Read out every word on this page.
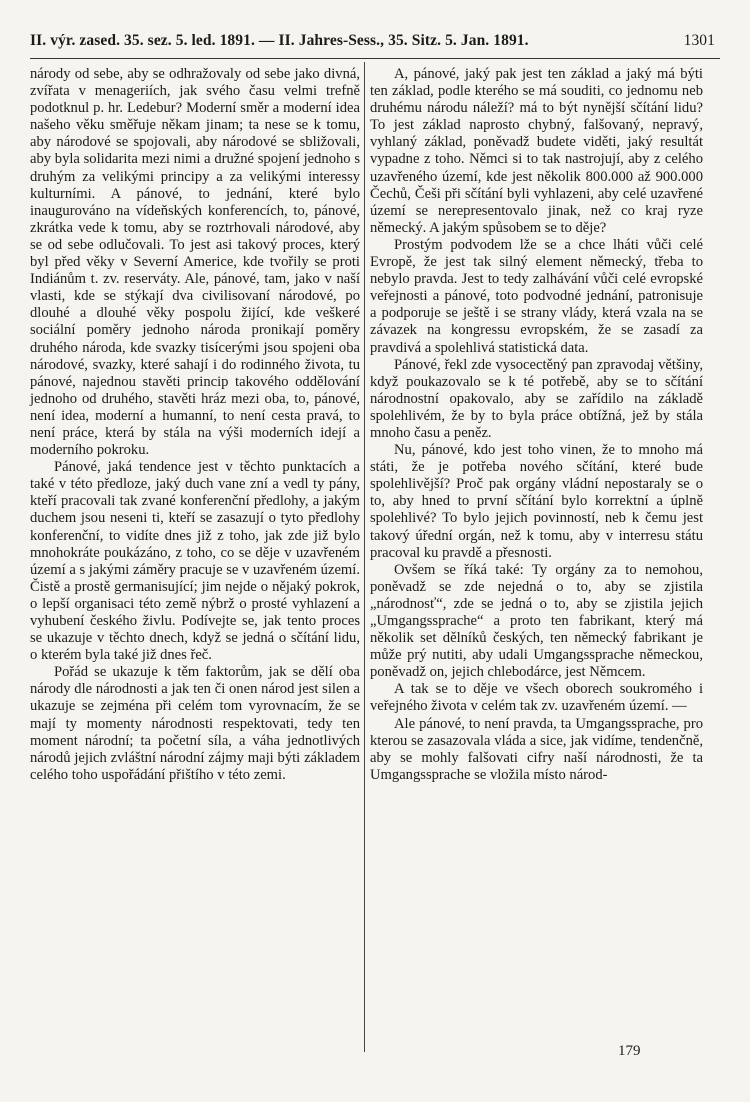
II. výr. zased. 35. sez. 5. led. 1891. — II. Jahres-Sess., 35. Sitz. 5. Jan. 1891.	1301

národy od sebe, aby se odhražovaly od sebe jako divná, zvířata v menageriích, jak svého času velmi trefně podotknul p. hr. Ledebur? Moderní směr a moderní idea našeho věku směřuje někam jinam; ta nese se k tomu, aby národové se spojovali, aby národové se sbližovali, aby byla solidarita mezi nimi a družné spojení jednoho s druhým za velikými principy a za velikými interessy kulturními. A pánové, to jednání, které bylo inaugurováno na vídeňských konferencích, to, pánové, zkrátka vede k tomu, aby se roztrhovali národové, aby se od sebe odlučovali. To jest asi takový proces, který byl před věky v Severní Americe, kde tvořily se proti Indiánům t. zv. reserváty. Ale, pánové, tam, jako v naší vlasti, kde se stýkají dva civilisovaní národové, po dlouhé a dlouhé věky pospolu žijící, kde veškeré sociální poměry jednoho národa pronikají poměry druhého národa, kde svazky tisícerými jsou spojeni oba národové, svazky, které sahají i do rodinného života, tu pánové, najednou stavěti princip takového oddělování jednoho od druhého, stavěti hráz mezi oba, to, pánové, není idea, moderní a humanní, to není cesta pravá, to není práce, která by stála na výši moderních idejí a moderního pokroku.

Pánové, jaká tendence jest v těchto punktacích a také v této předloze, jaký duch vane zní a vedl ty pány, kteří pracovali tak zvané konferenční předlohy, a jakým duchem jsou neseni ti, kteří se zasazují o tyto předlohy konferenční, to vidíte dnes již z toho, jak zde již bylo mnohokráte poukázáno, z toho, co se děje v uzavřeném území a s jakými záměry pracuje se v uzavřeném území. Čistě a prostě germanisující; jim nejde o nějaký pokrok, o lepší organisaci této země nýbrž o prosté vyhlazení a vyhubení českého živlu. Podívejte se, jak tento proces se ukazuje v těchto dnech, když se jedná o sčítání lidu, o kterém byla také již dnes řeč.

Pořád se ukazuje k těm faktorům, jak se dělí oba národy dle národnosti a jak ten či onen národ jest silen a ukazuje se zejména při celém tom vyrovnacím, že se mají ty momenty národnosti respektovati, tedy ten moment národní; ta početní síla, a váha jednotlivých národů jejich zvláštní národní zájmy maji býti základem celého toho uspořádání přištího v této zemi.

A, pánové, jaký pak jest ten základ a jaký má býti ten základ, podle kterého se má souditi, co jednomu neb druhému národu náleží? má to být nynější sčítání lidu? To jest základ naprosto chybný, falšovaný, nepravý, vyhlaný základ, poněvadž budete viděti, jaký resultát vypadne z toho. Němci si to tak nastrojují, aby z celého uzavřeného území, kde jest několik 800.000 až 900.000 Čechů, Češi při sčítání byli vyhlazeni, aby celé uzavřené území se nerepresentovalo jinak, než co kraj ryze německý. A jakým spůsobem se to děje?

Prostým podvodem lže se a chce lháti vůči celé Evropě, že jest tak silný element německý, třeba to nebylo pravda. Jest to tedy zalhávání vůči celé evropské veřejnosti a pánové, toto podvodné jednání, patronisuje a podporuje se ještě i se strany vlády, která vzala na se závazek na kongressu evropském, že se zasadí za pravdivá a spolehlivá statistická data.

Pánové, řekl zde vysocectěný pan zpravodaj většiny, když poukazovalo se k té potřebě, aby se to sčítání národnostní opakovalo, aby se zařídilo na základě spolehlivém, že by to byla práce obtížná, jež by stála mnoho času a peněz.

Nu, pánové, kdo jest toho vinen, že to mnoho má státi, že je potřeba nového sčítání, které bude spolehlivější? Proč pak orgány vládní nepostaraly se o to, aby hned to první sčítání bylo korrektní a úplně spolehlivé? To bylo jejich povinností, neb k čemu jest takový úřední orgán, než k tomu, aby v interresu státu pracoval ku pravdě a přesnosti.

Ovšem se říká také: Ty orgány za to nemohou, poněvadž se zde nejedná o to, aby se zjistila „národnosť“, zde se jedná o to, aby se zjistila jejich „Umgangssprache“ a proto ten fabrikant, který má několik set dělníků českých, ten německý fabrikant je může prý nutiti, aby udali Umgangssprache německou, poněvadž on, jejich chlebodárce, jest Němcem.

A tak se to děje ve všech oborech soukromého i veřejného života v celém tak zv. uzavřeném území. —

Ale pánové, to není pravda, ta Umgangssprache, pro kterou se zasazovala vláda a sice, jak vidíme, tendenčně, aby se mohly falšovati cifry naší národnosti, že ta Umgangssprache se vložila místo národ-

179
